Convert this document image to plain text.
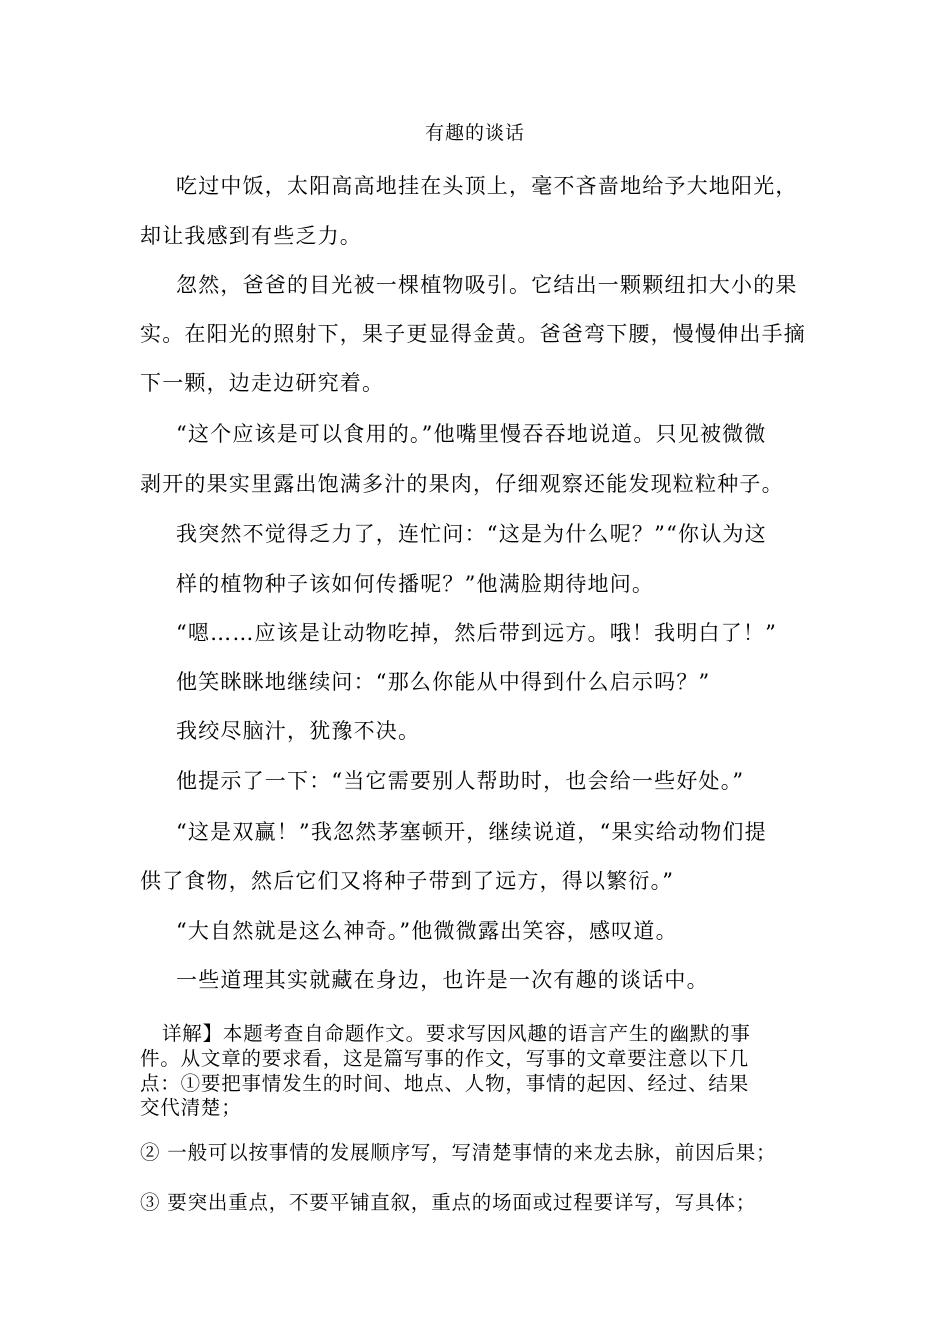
有趣的谈话
吃过中饭，太阳高高地挂在头顶上，毫不吝啬地给予大地阳光，
却让我感到有些乏力。
忽然，爸爸的目光被一棵植物吸引。它结出一颗颗纽扣大小的果
实。在阳光的照射下，果子更显得金黄。爸爸弯下腰，慢慢伸出手摘
下一颗，边走边研究着。
“这个应该是可以食用的。”他嘴里慢吞吞地说道。只见被微微
剥开的果实里露出饱满多汁的果肉，仔细观察还能发现粒粒种子。
我突然不觉得乏力了，连忙问：“这是为什么呢？”“你认为这
样的植物种子该如何传播呢？”他满脸期待地问。
“嗯……应该是让动物吃掉，然后带到远方。哦！我明白了！”
他笑眯眯地继续问：“那么你能从中得到什么启示吗？”
我绞尽脑汁，犹豫不决。
他提示了一下：“当它需要别人帮助时，也会给一些好处。”
“这是双赢！”我忽然茅塞顿开，继续说道，“果实给动物们提
供了食物，然后它们又将种子带到了远方，得以繁衍。”
“大自然就是这么神奇。”他微微露出笑容，感叹道。
一些道理其实就藏在身边，也许是一次有趣的谈话中。
详解】本题考查自命题作文。要求写因风趣的语言产生的幽默的事
件。从文章的要求看，这是篇写事的作文，写事的文章要注意以下几
点：①要把事情发生的时间、地点、人物，事情的起因、经过、结果
交代清楚；
② 一般可以按事情的发展顺序写，写清楚事情的来龙去脉，前因后果；
③ 要突出重点，不要平铺直叙，重点的场面或过程要详写，写具体；
